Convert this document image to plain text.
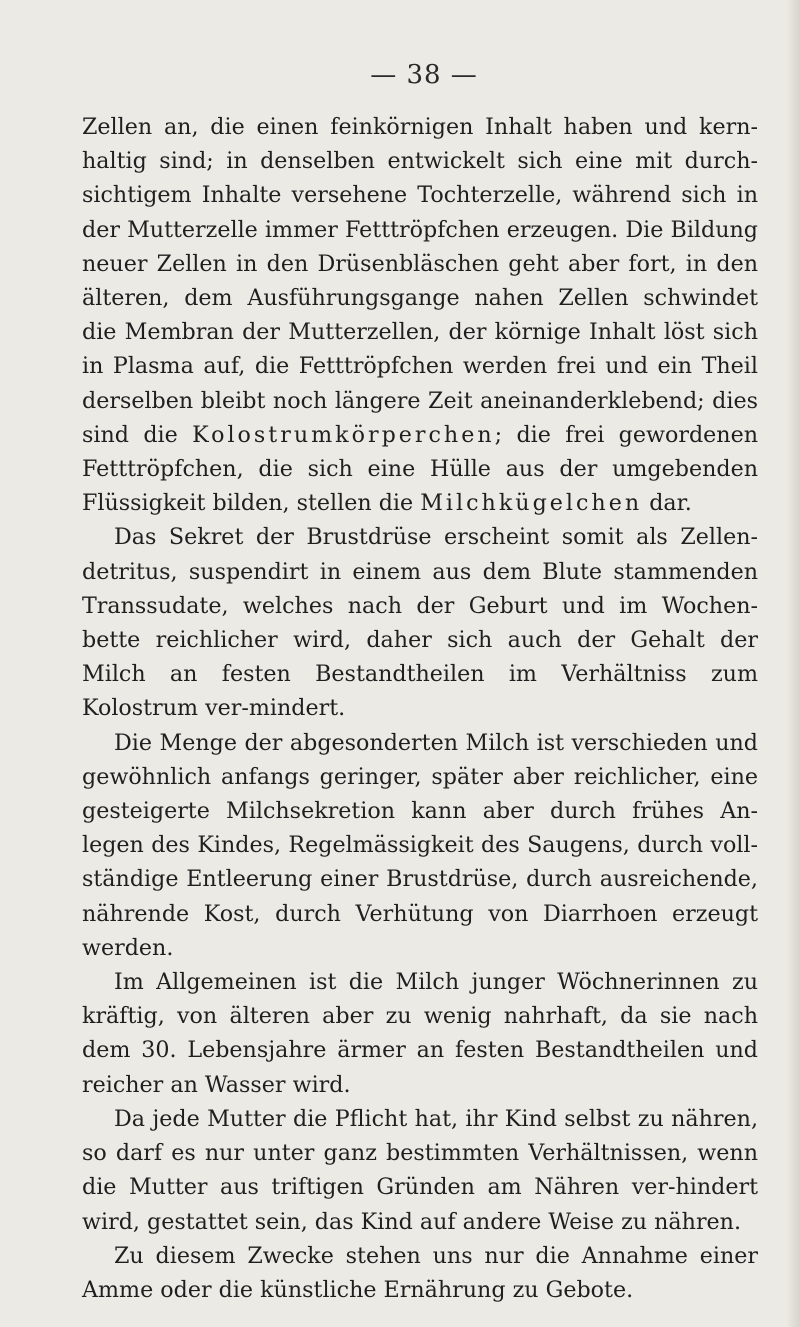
— 38 —

Zellen an, die einen feinkörnigen Inhalt haben und kern-haltig sind; in denselben entwickelt sich eine mit durch-sichtigem Inhalte versehene Tochterzelle, während sich in der Mutterzelle immer Fetttröpfchen erzeugen. Die Bildung neuer Zellen in den Drüsenbläschen geht aber fort, in den älteren, dem Ausführungsgange nahen Zellen schwindet die Membran der Mutterzellen, der körnige Inhalt löst sich in Plasma auf, die Fetttröpfchen werden frei und ein Theil derselben bleibt noch längere Zeit aneinanderklebend; dies sind die Kolostrumkörperchen; die frei gewordenen Fetttröpfchen, die sich eine Hülle aus der umgebenden Flüssigkeit bilden, stellen die Milchkügelchen dar.

Das Sekret der Brustdrüse erscheint somit als Zellen-detritus, suspendirt in einem aus dem Blute stammenden Transsudate, welches nach der Geburt und im Wochen-bette reichlicher wird, daher sich auch der Gehalt der Milch an festen Bestandtheilen im Verhältniss zum Kolostrum ver-mindert.

Die Menge der abgesonderten Milch ist verschieden und gewöhnlich anfangs geringer, später aber reichlicher, eine gesteigerte Milchsekretion kann aber durch frühes An-legen des Kindes, Regelmässigkeit des Saugens, durch voll-ständige Entleerung einer Brustdrüse, durch ausreichende, nährende Kost, durch Verhütung von Diarrhoen erzeugt werden.

Im Allgemeinen ist die Milch junger Wöchnerinnen zu kräftig, von älteren aber zu wenig nahrhaft, da sie nach dem 30. Lebensjahre ärmer an festen Bestandtheilen und reicher an Wasser wird.

Da jede Mutter die Pflicht hat, ihr Kind selbst zu nähren, so darf es nur unter ganz bestimmten Verhältnissen, wenn die Mutter aus triftigen Gründen am Nähren ver-hindert wird, gestattet sein, das Kind auf andere Weise zu nähren.

Zu diesem Zwecke stehen uns nur die Annahme einer Amme oder die künstliche Ernährung zu Gebote.
